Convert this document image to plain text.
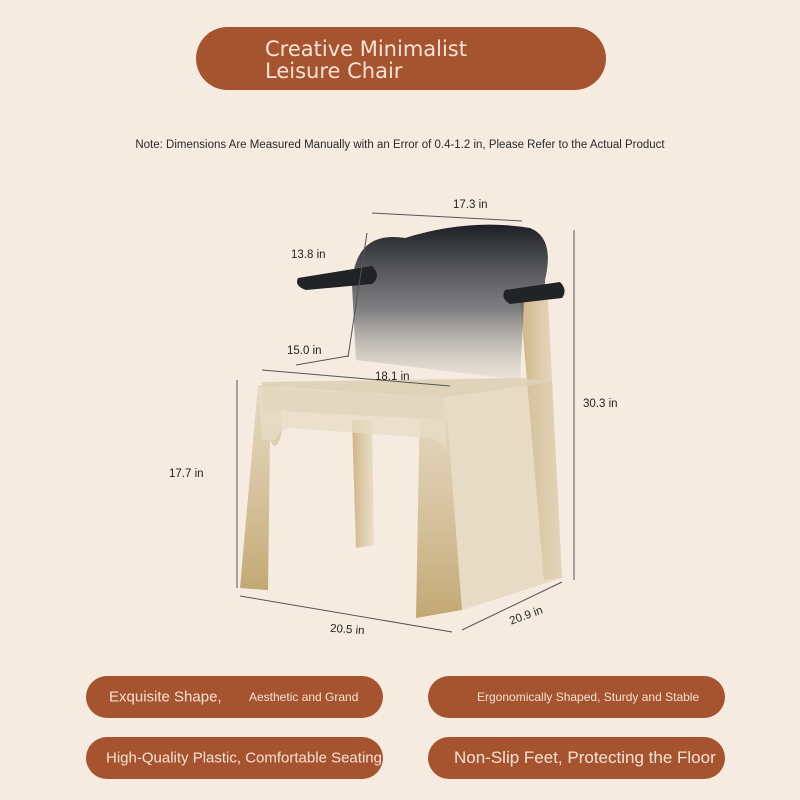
Creative Minimalist
Leisure Chair
Note: Dimensions Are Measured Manually with an Error of 0.4-1.2 in, Please Refer to the Actual Product
17.3 in
13.8 in
15.0 in
18.1 in
30.3 in
17.7 in
20.5 in
20.9 in
Exquisite Shape, Aesthetic and Grand	Ergonomically Shaped, Sturdy and Stable
High-Quality Plastic, Comfortable Seating	Non-Slip Feet, Protecting the Floor
